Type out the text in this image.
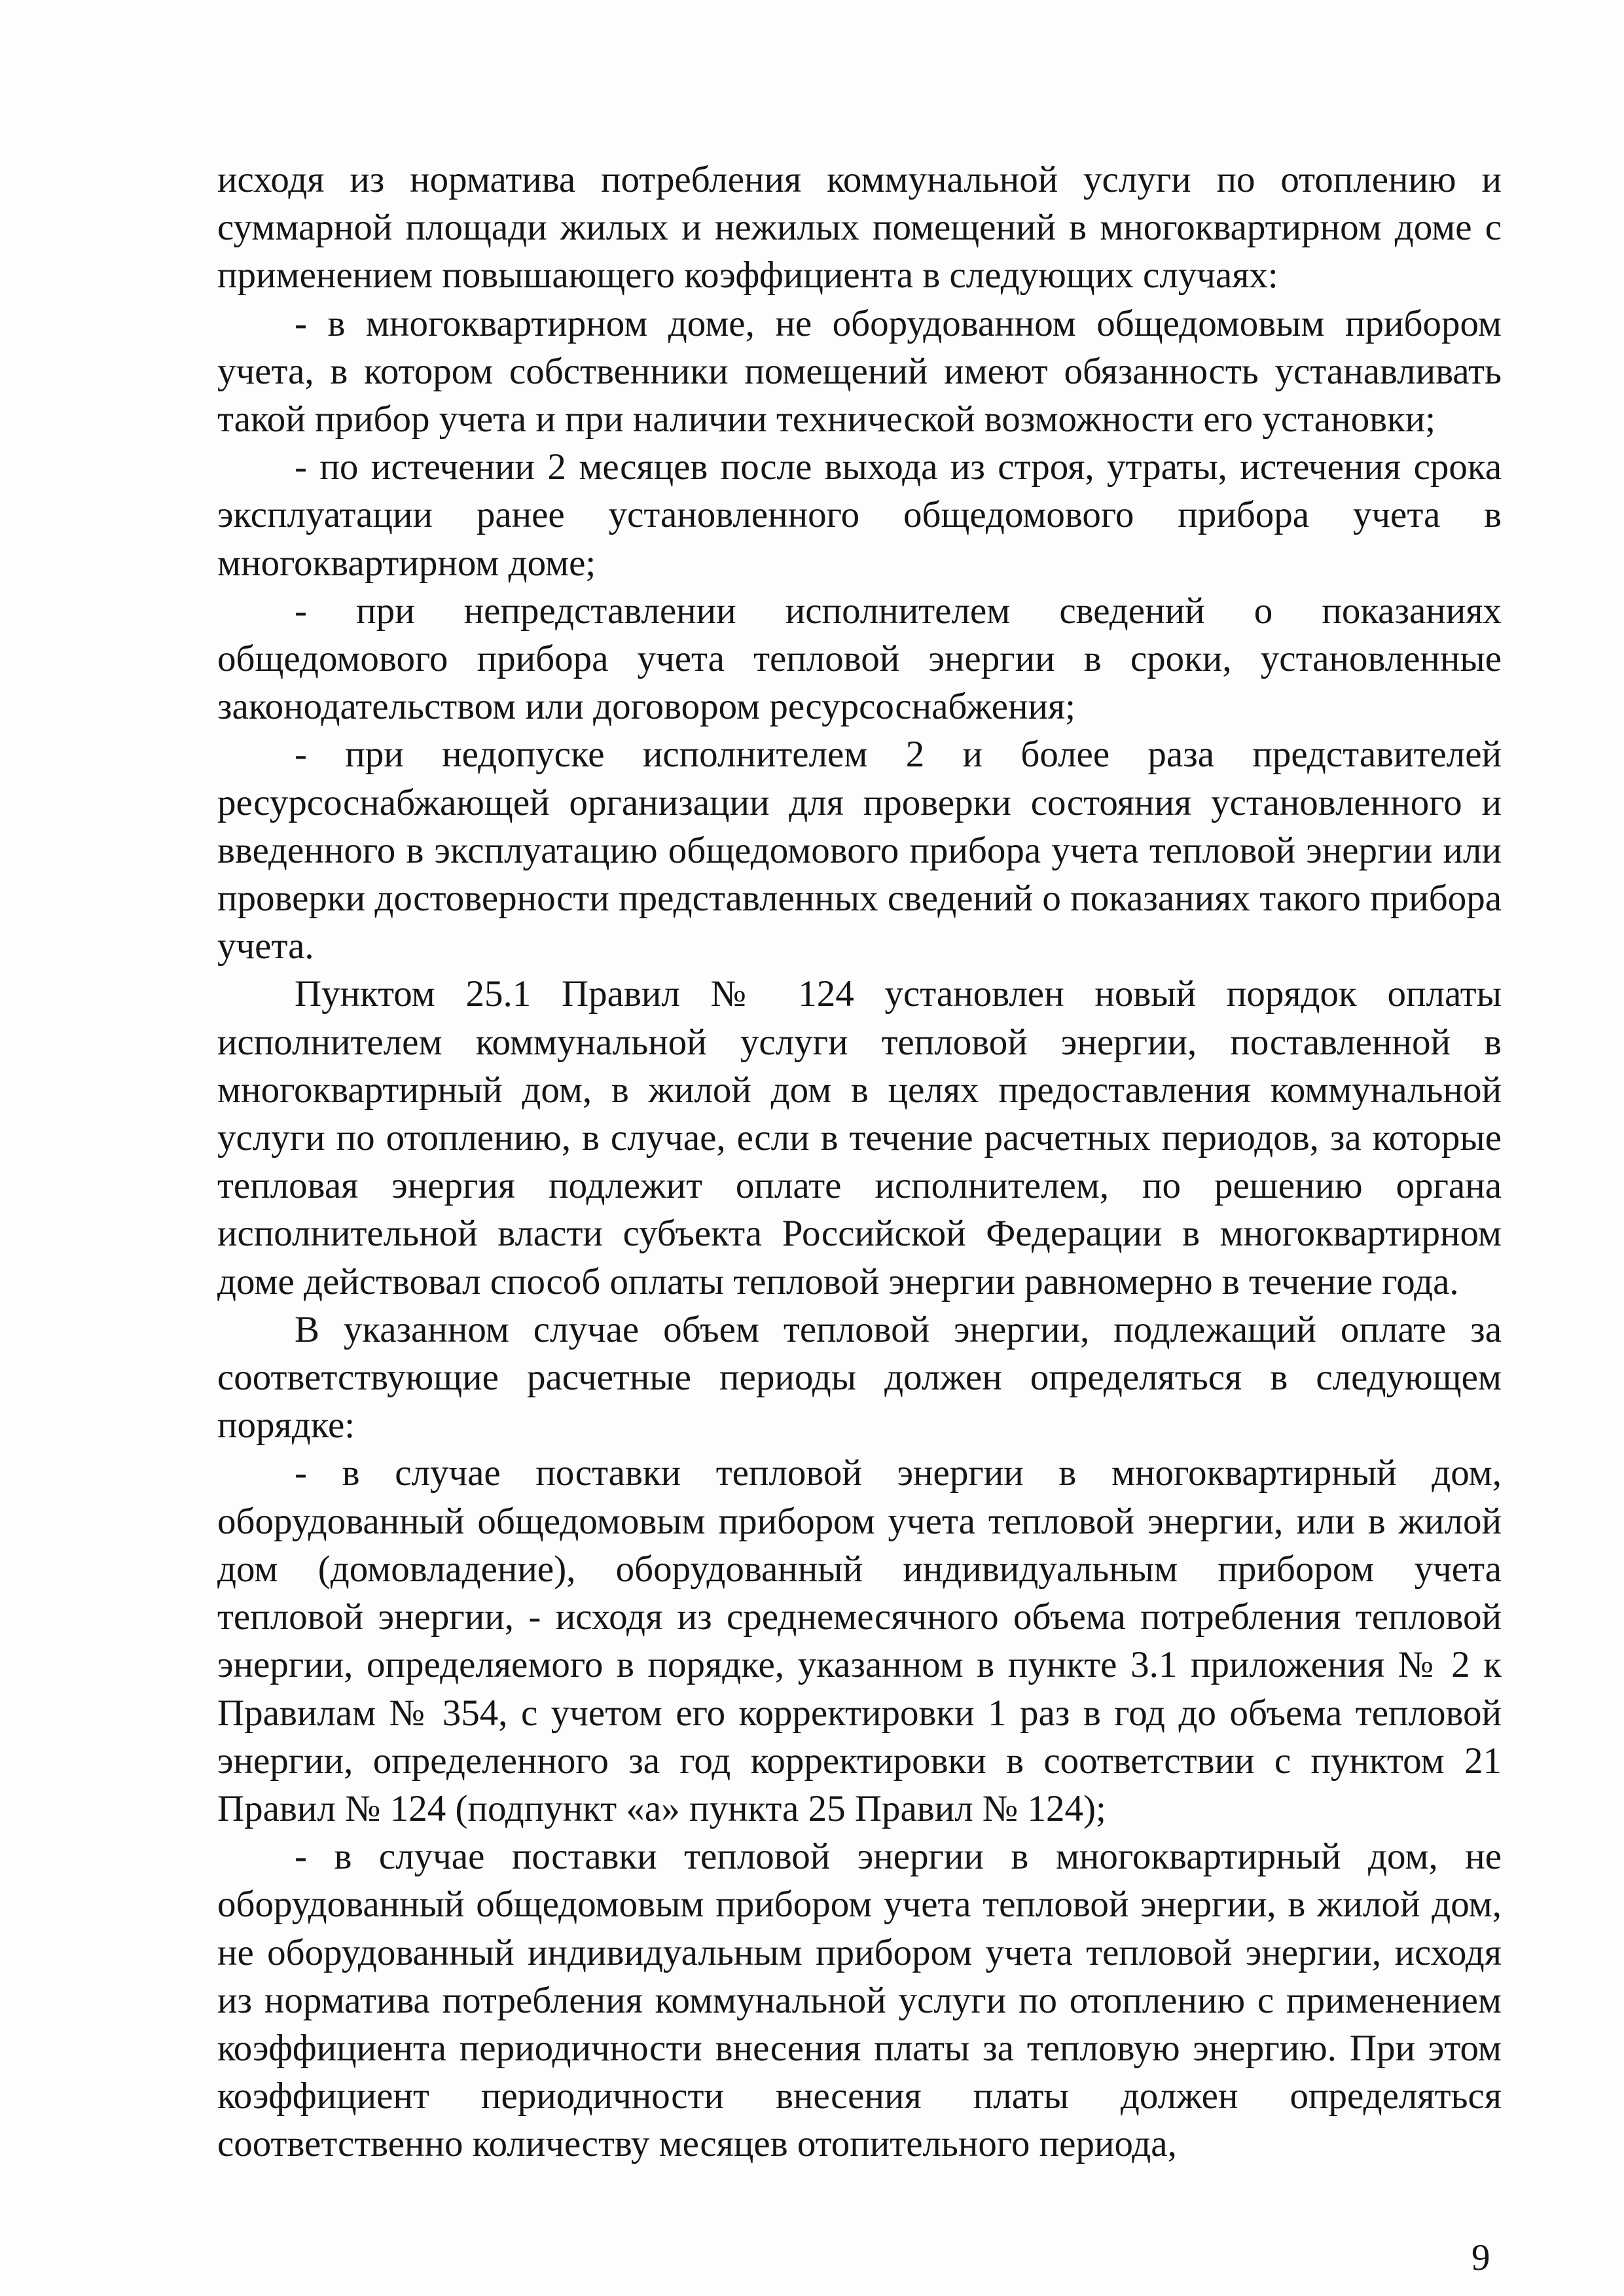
исходя из норматива потребления коммунальной услуги по отоплению и суммарной площади жилых и нежилых помещений в многоквартирном доме с применением повышающего коэффициента в следующих случаях:

- в многоквартирном доме, не оборудованном общедомовым прибором учета, в котором собственники помещений имеют обязанность устанавливать такой прибор учета и при наличии технической возможности его установки;

- по истечении 2 месяцев после выхода из строя, утраты, истечения срока эксплуатации ранее установленного общедомового прибора учета в многоквартирном доме;

- при непредставлении исполнителем сведений о показаниях общедомового прибора учета тепловой энергии в сроки, установленные законодательством или договором ресурсоснабжения;

- при недопуске исполнителем 2 и более раза представителей ресурсоснабжающей организации для проверки состояния установленного и введенного в эксплуатацию общедомового прибора учета тепловой энергии или проверки достоверности представленных сведений о показаниях такого прибора учета.

Пунктом 25.1 Правил № 124 установлен новый порядок оплаты исполнителем коммунальной услуги тепловой энергии, поставленной в многоквартирный дом, в жилой дом в целях предоставления коммунальной услуги по отоплению, в случае, если в течение расчетных периодов, за которые тепловая энергия подлежит оплате исполнителем, по решению органа исполнительной власти субъекта Российской Федерации в многоквартирном доме действовал способ оплаты тепловой энергии равномерно в течение года.

В указанном случае объем тепловой энергии, подлежащий оплате за соответствующие расчетные периоды должен определяться в следующем порядке:

- в случае поставки тепловой энергии в многоквартирный дом, оборудованный общедомовым прибором учета тепловой энергии, или в жилой дом (домовладение), оборудованный индивидуальным прибором учета тепловой энергии, - исходя из среднемесячного объема потребления тепловой энергии, определяемого в порядке, указанном в пункте 3.1 приложения № 2 к Правилам № 354, с учетом его корректировки 1 раз в год до объема тепловой энергии, определенного за год корректировки в соответствии с пунктом 21 Правил № 124 (подпункт «а» пункта 25 Правил № 124);

- в случае поставки тепловой энергии в многоквартирный дом, не оборудованный общедомовым прибором учета тепловой энергии, в жилой дом, не оборудованный индивидуальным прибором учета тепловой энергии, исходя из норматива потребления коммунальной услуги по отоплению с применением коэффициента периодичности внесения платы за тепловую энергию. При этом коэффициент периодичности внесения платы должен определяться соответственно количеству месяцев отопительного периода,

9
